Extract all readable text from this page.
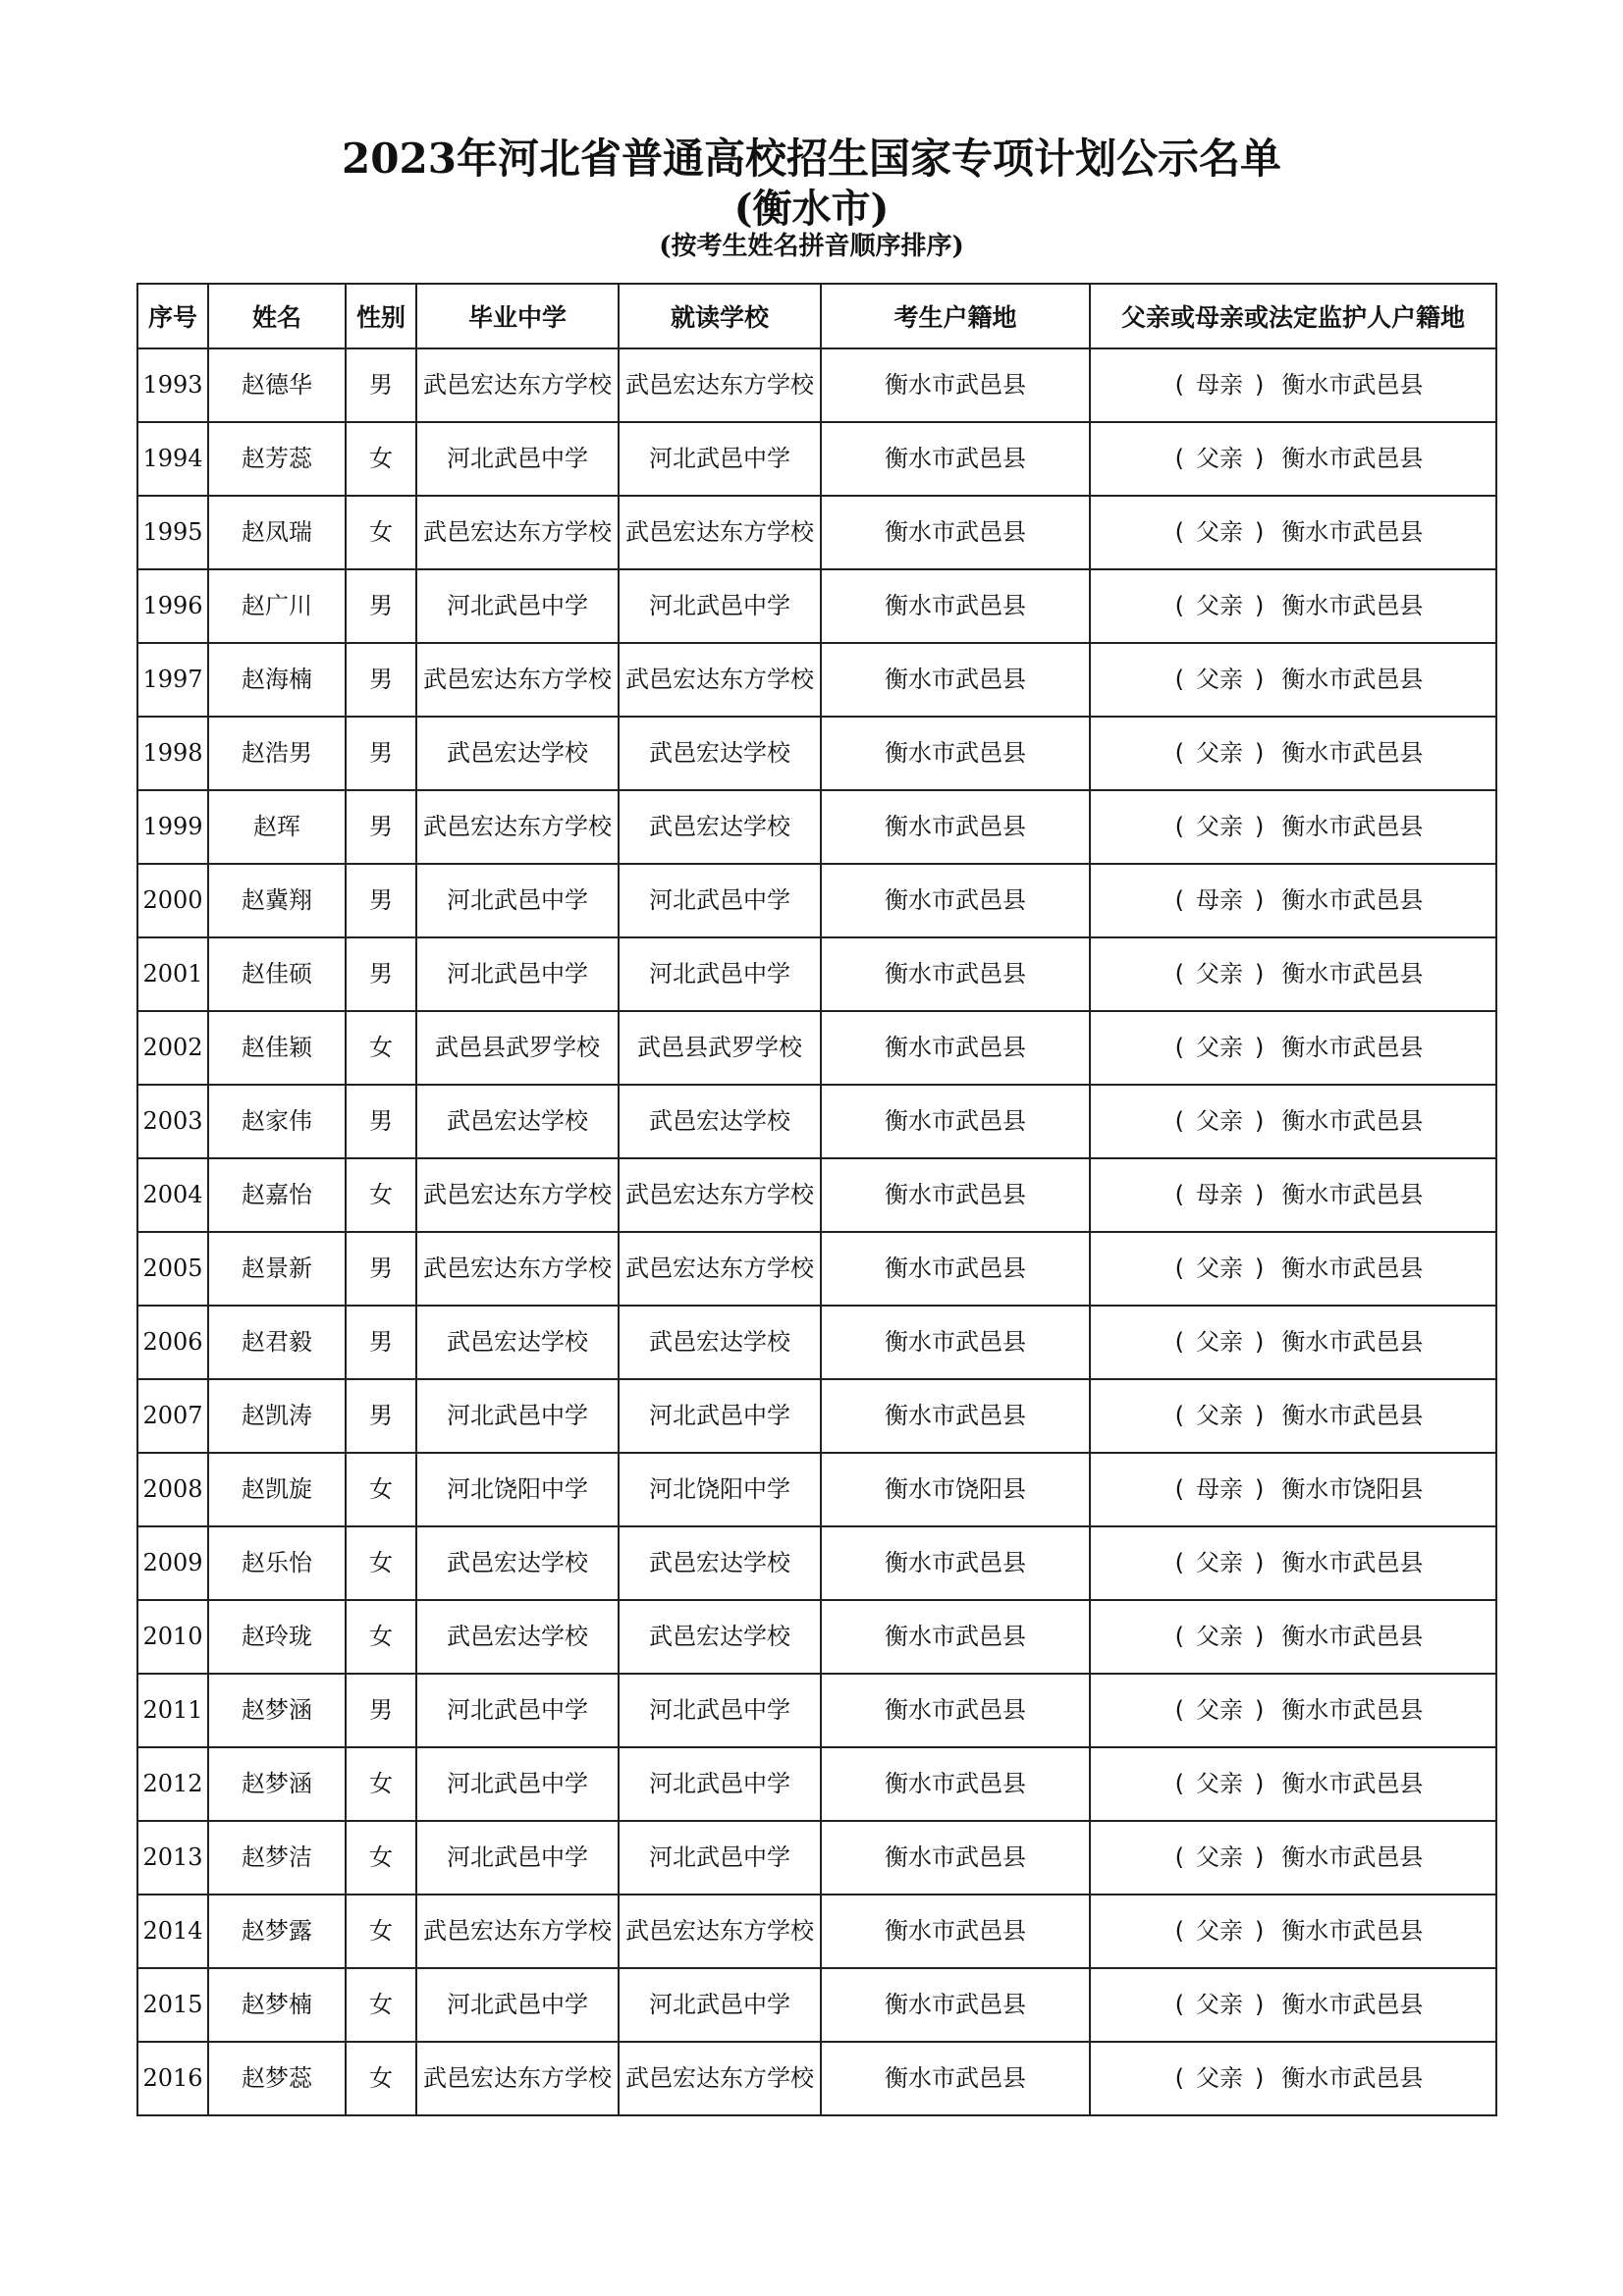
2023年河北省普通高校招生国家专项计划公示名单
(衡水市)
(按考生姓名拼音顺序排序)
序号	姓名	性别	毕业中学	就读学校	考生户籍地	父亲或母亲或法定监护人户籍地
1993	赵德华	男	武邑宏达东方学校	武邑宏达东方学校	衡水市武邑县	( 母亲 ) 衡水市武邑县
1994	赵芳蕊	女	河北武邑中学	河北武邑中学	衡水市武邑县	( 父亲 ) 衡水市武邑县
1995	赵凤瑞	女	武邑宏达东方学校	武邑宏达东方学校	衡水市武邑县	( 父亲 ) 衡水市武邑县
1996	赵广川	男	河北武邑中学	河北武邑中学	衡水市武邑县	( 父亲 ) 衡水市武邑县
1997	赵海楠	男	武邑宏达东方学校	武邑宏达东方学校	衡水市武邑县	( 父亲 ) 衡水市武邑县
1998	赵浩男	男	武邑宏达学校	武邑宏达学校	衡水市武邑县	( 父亲 ) 衡水市武邑县
1999	赵珲	男	武邑宏达东方学校	武邑宏达学校	衡水市武邑县	( 父亲 ) 衡水市武邑县
2000	赵冀翔	男	河北武邑中学	河北武邑中学	衡水市武邑县	( 母亲 ) 衡水市武邑县
2001	赵佳硕	男	河北武邑中学	河北武邑中学	衡水市武邑县	( 父亲 ) 衡水市武邑县
2002	赵佳颖	女	武邑县武罗学校	武邑县武罗学校	衡水市武邑县	( 父亲 ) 衡水市武邑县
2003	赵家伟	男	武邑宏达学校	武邑宏达学校	衡水市武邑县	( 父亲 ) 衡水市武邑县
2004	赵嘉怡	女	武邑宏达东方学校	武邑宏达东方学校	衡水市武邑县	( 母亲 ) 衡水市武邑县
2005	赵景新	男	武邑宏达东方学校	武邑宏达东方学校	衡水市武邑县	( 父亲 ) 衡水市武邑县
2006	赵君毅	男	武邑宏达学校	武邑宏达学校	衡水市武邑县	( 父亲 ) 衡水市武邑县
2007	赵凯涛	男	河北武邑中学	河北武邑中学	衡水市武邑县	( 父亲 ) 衡水市武邑县
2008	赵凯旋	女	河北饶阳中学	河北饶阳中学	衡水市饶阳县	( 母亲 ) 衡水市饶阳县
2009	赵乐怡	女	武邑宏达学校	武邑宏达学校	衡水市武邑县	( 父亲 ) 衡水市武邑县
2010	赵玲珑	女	武邑宏达学校	武邑宏达学校	衡水市武邑县	( 父亲 ) 衡水市武邑县
2011	赵梦涵	男	河北武邑中学	河北武邑中学	衡水市武邑县	( 父亲 ) 衡水市武邑县
2012	赵梦涵	女	河北武邑中学	河北武邑中学	衡水市武邑县	( 父亲 ) 衡水市武邑县
2013	赵梦洁	女	河北武邑中学	河北武邑中学	衡水市武邑县	( 父亲 ) 衡水市武邑县
2014	赵梦露	女	武邑宏达东方学校	武邑宏达东方学校	衡水市武邑县	( 父亲 ) 衡水市武邑县
2015	赵梦楠	女	河北武邑中学	河北武邑中学	衡水市武邑县	( 父亲 ) 衡水市武邑县
2016	赵梦蕊	女	武邑宏达东方学校	武邑宏达东方学校	衡水市武邑县	( 父亲 ) 衡水市武邑县
